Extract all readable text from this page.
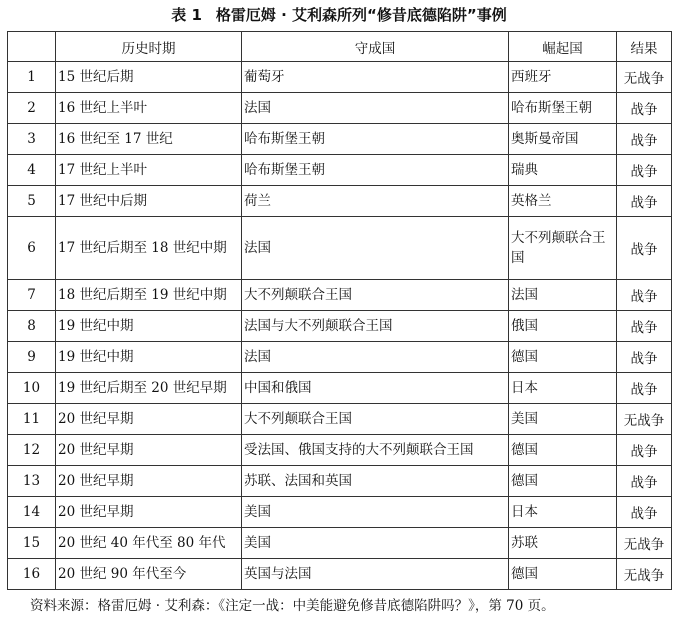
表 1 格雷厄姆 · 艾利森所列“修昔底德陷阱”事例
	历史时期	守成国	崛起国	结果
1	15 世纪后期	葡萄牙	西班牙	无战争
2	16 世纪上半叶	法国	哈布斯堡王朝	战争
3	16 世纪至 17 世纪	哈布斯堡王朝	奥斯曼帝国	战争
4	17 世纪上半叶	哈布斯堡王朝	瑞典	战争
5	17 世纪中后期	荷兰	英格兰	战争
6	17 世纪后期至 18 世纪中期	法国	大不列颠联合王国	战争
7	18 世纪后期至 19 世纪中期	大不列颠联合王国	法国	战争
8	19 世纪中期	法国与大不列颠联合王国	俄国	战争
9	19 世纪中期	法国	德国	战争
10	19 世纪后期至 20 世纪早期	中国和俄国	日本	战争
11	20 世纪早期	大不列颠联合王国	美国	无战争
12	20 世纪早期	受法国、俄国支持的大不列颠联合王国	德国	战争
13	20 世纪早期	苏联、法国和英国	德国	战争
14	20 世纪早期	美国	日本	战争
15	20 世纪 40 年代至 80 年代	美国	苏联	无战争
16	20 世纪 90 年代至今	英国与法国	德国	无战争
资料来源：格雷厄姆 · 艾利森：《注定一战：中美能避免修昔底德陷阱吗？》，第 70 页。
